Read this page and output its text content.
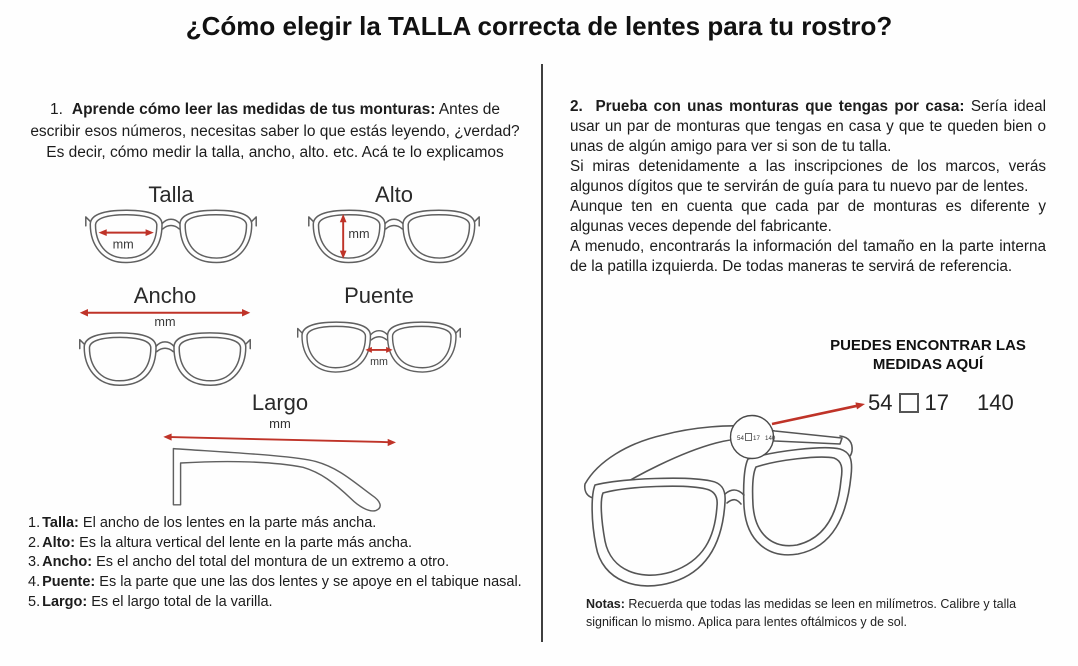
¿Cómo elegir la TALLA correcta de lentes para tu rostro?
1. Aprende cómo leer las medidas de tus monturas: Antes de escribir esos números, necesitas saber lo que estás leyendo, ¿verdad? Es decir, cómo medir la talla, ancho, alto. etc. Acá te lo explicamos
Talla
mm
Alto
mm
Ancho
mm
Puente
mm
Largo
mm
1. Talla: El ancho de los lentes en la parte más ancha.
2. Alto: Es la altura vertical del lente en la parte más ancha.
3. Ancho: Es el ancho del total del montura de un extremo a otro.
4. Puente: Es la parte que une las dos lentes y se apoye en el tabique nasal.
5. Largo: Es el largo total de la varilla.

2. Prueba con unas monturas que tengas por casa: Sería ideal usar un par de monturas que tengas en casa y que te queden bien o unas de algún amigo para ver si son de tu talla.

Si miras detenidamente a las inscripciones de los marcos, verás algunos dígitos que te servirán de guía para tu nuevo par de lentes.

Aunque ten en cuenta que cada par de monturas es diferente y algunas veces depende del fabricante.

A menudo, encontrarás la información del tamaño en la parte interna de la patilla izquierda. De todas maneras te servirá de referencia.

PUEDES ENCONTRAR LAS MEDIDAS AQUÍ
54 17 140
54 17 140
Notas: Recuerda que todas las medidas se leen en milímetros. Calibre y talla significan lo mismo. Aplica para lentes oftálmicos y de sol.
